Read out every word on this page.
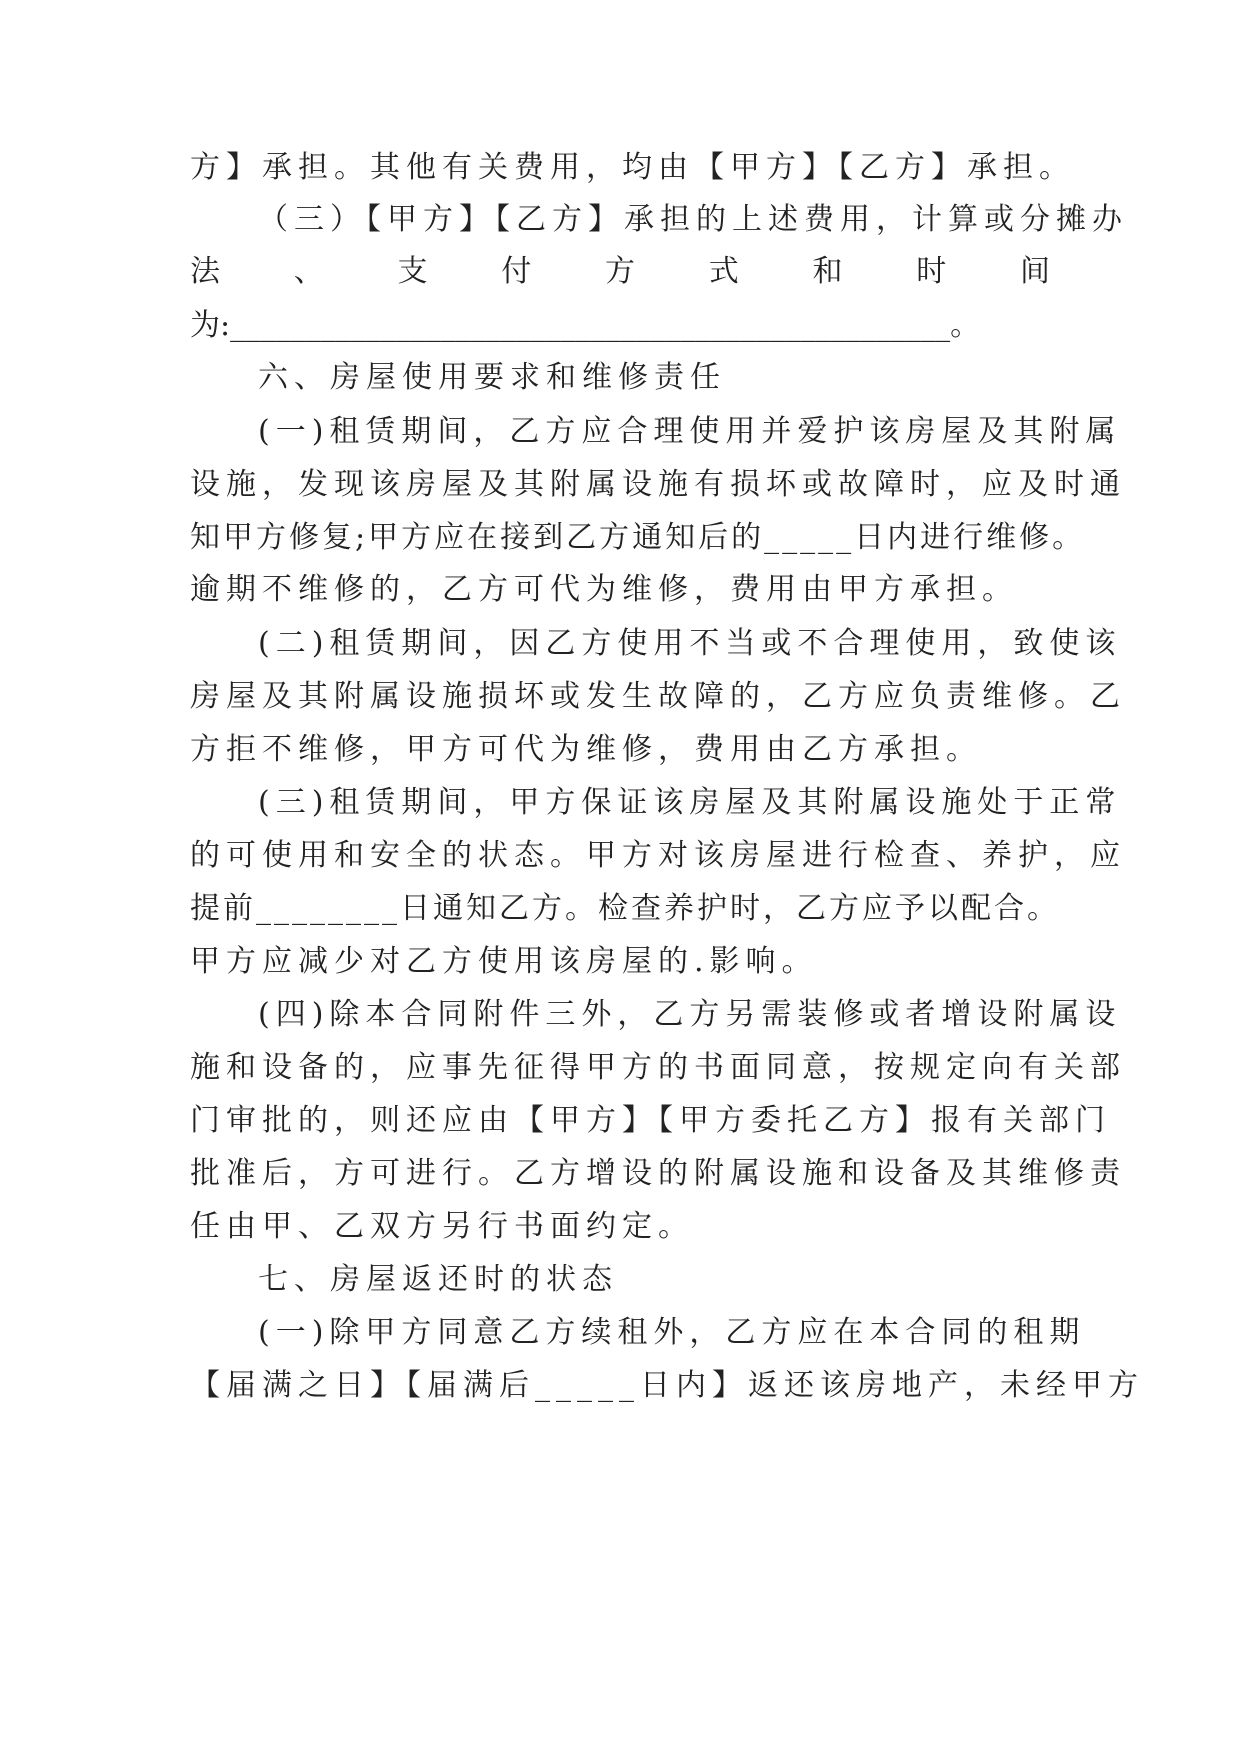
方】承担。其他有关费用，均由【甲方】【乙方】承担。
（三）【甲方】【乙方】承担的上述费用，计算或分摊办
法 、 支 付 方 式 和 时 间
为:________________________________________________。
六、房屋使用要求和维修责任
(一)租赁期间，乙方应合理使用并爱护该房屋及其附属
设施，发现该房屋及其附属设施有损坏或故障时，应及时通
知甲方修复;甲方应在接到乙方通知后的_____日内进行维修。
逾期不维修的，乙方可代为维修，费用由甲方承担。
(二)租赁期间，因乙方使用不当或不合理使用，致使该
房屋及其附属设施损坏或发生故障的，乙方应负责维修。乙
方拒不维修，甲方可代为维修，费用由乙方承担。
(三)租赁期间，甲方保证该房屋及其附属设施处于正常
的可使用和安全的状态。甲方对该房屋进行检查、养护，应
提前________日通知乙方。检查养护时，乙方应予以配合。
甲方应减少对乙方使用该房屋的.影响。
(四)除本合同附件三外，乙方另需装修或者增设附属设
施和设备的，应事先征得甲方的书面同意，按规定向有关部
门审批的，则还应由【甲方】【甲方委托乙方】报有关部门
批准后，方可进行。乙方增设的附属设施和设备及其维修责
任由甲、乙双方另行书面约定。
七、房屋返还时的状态
(一)除甲方同意乙方续租外，乙方应在本合同的租期
【届满之日】【届满后_____日内】返还该房地产，未经甲方
